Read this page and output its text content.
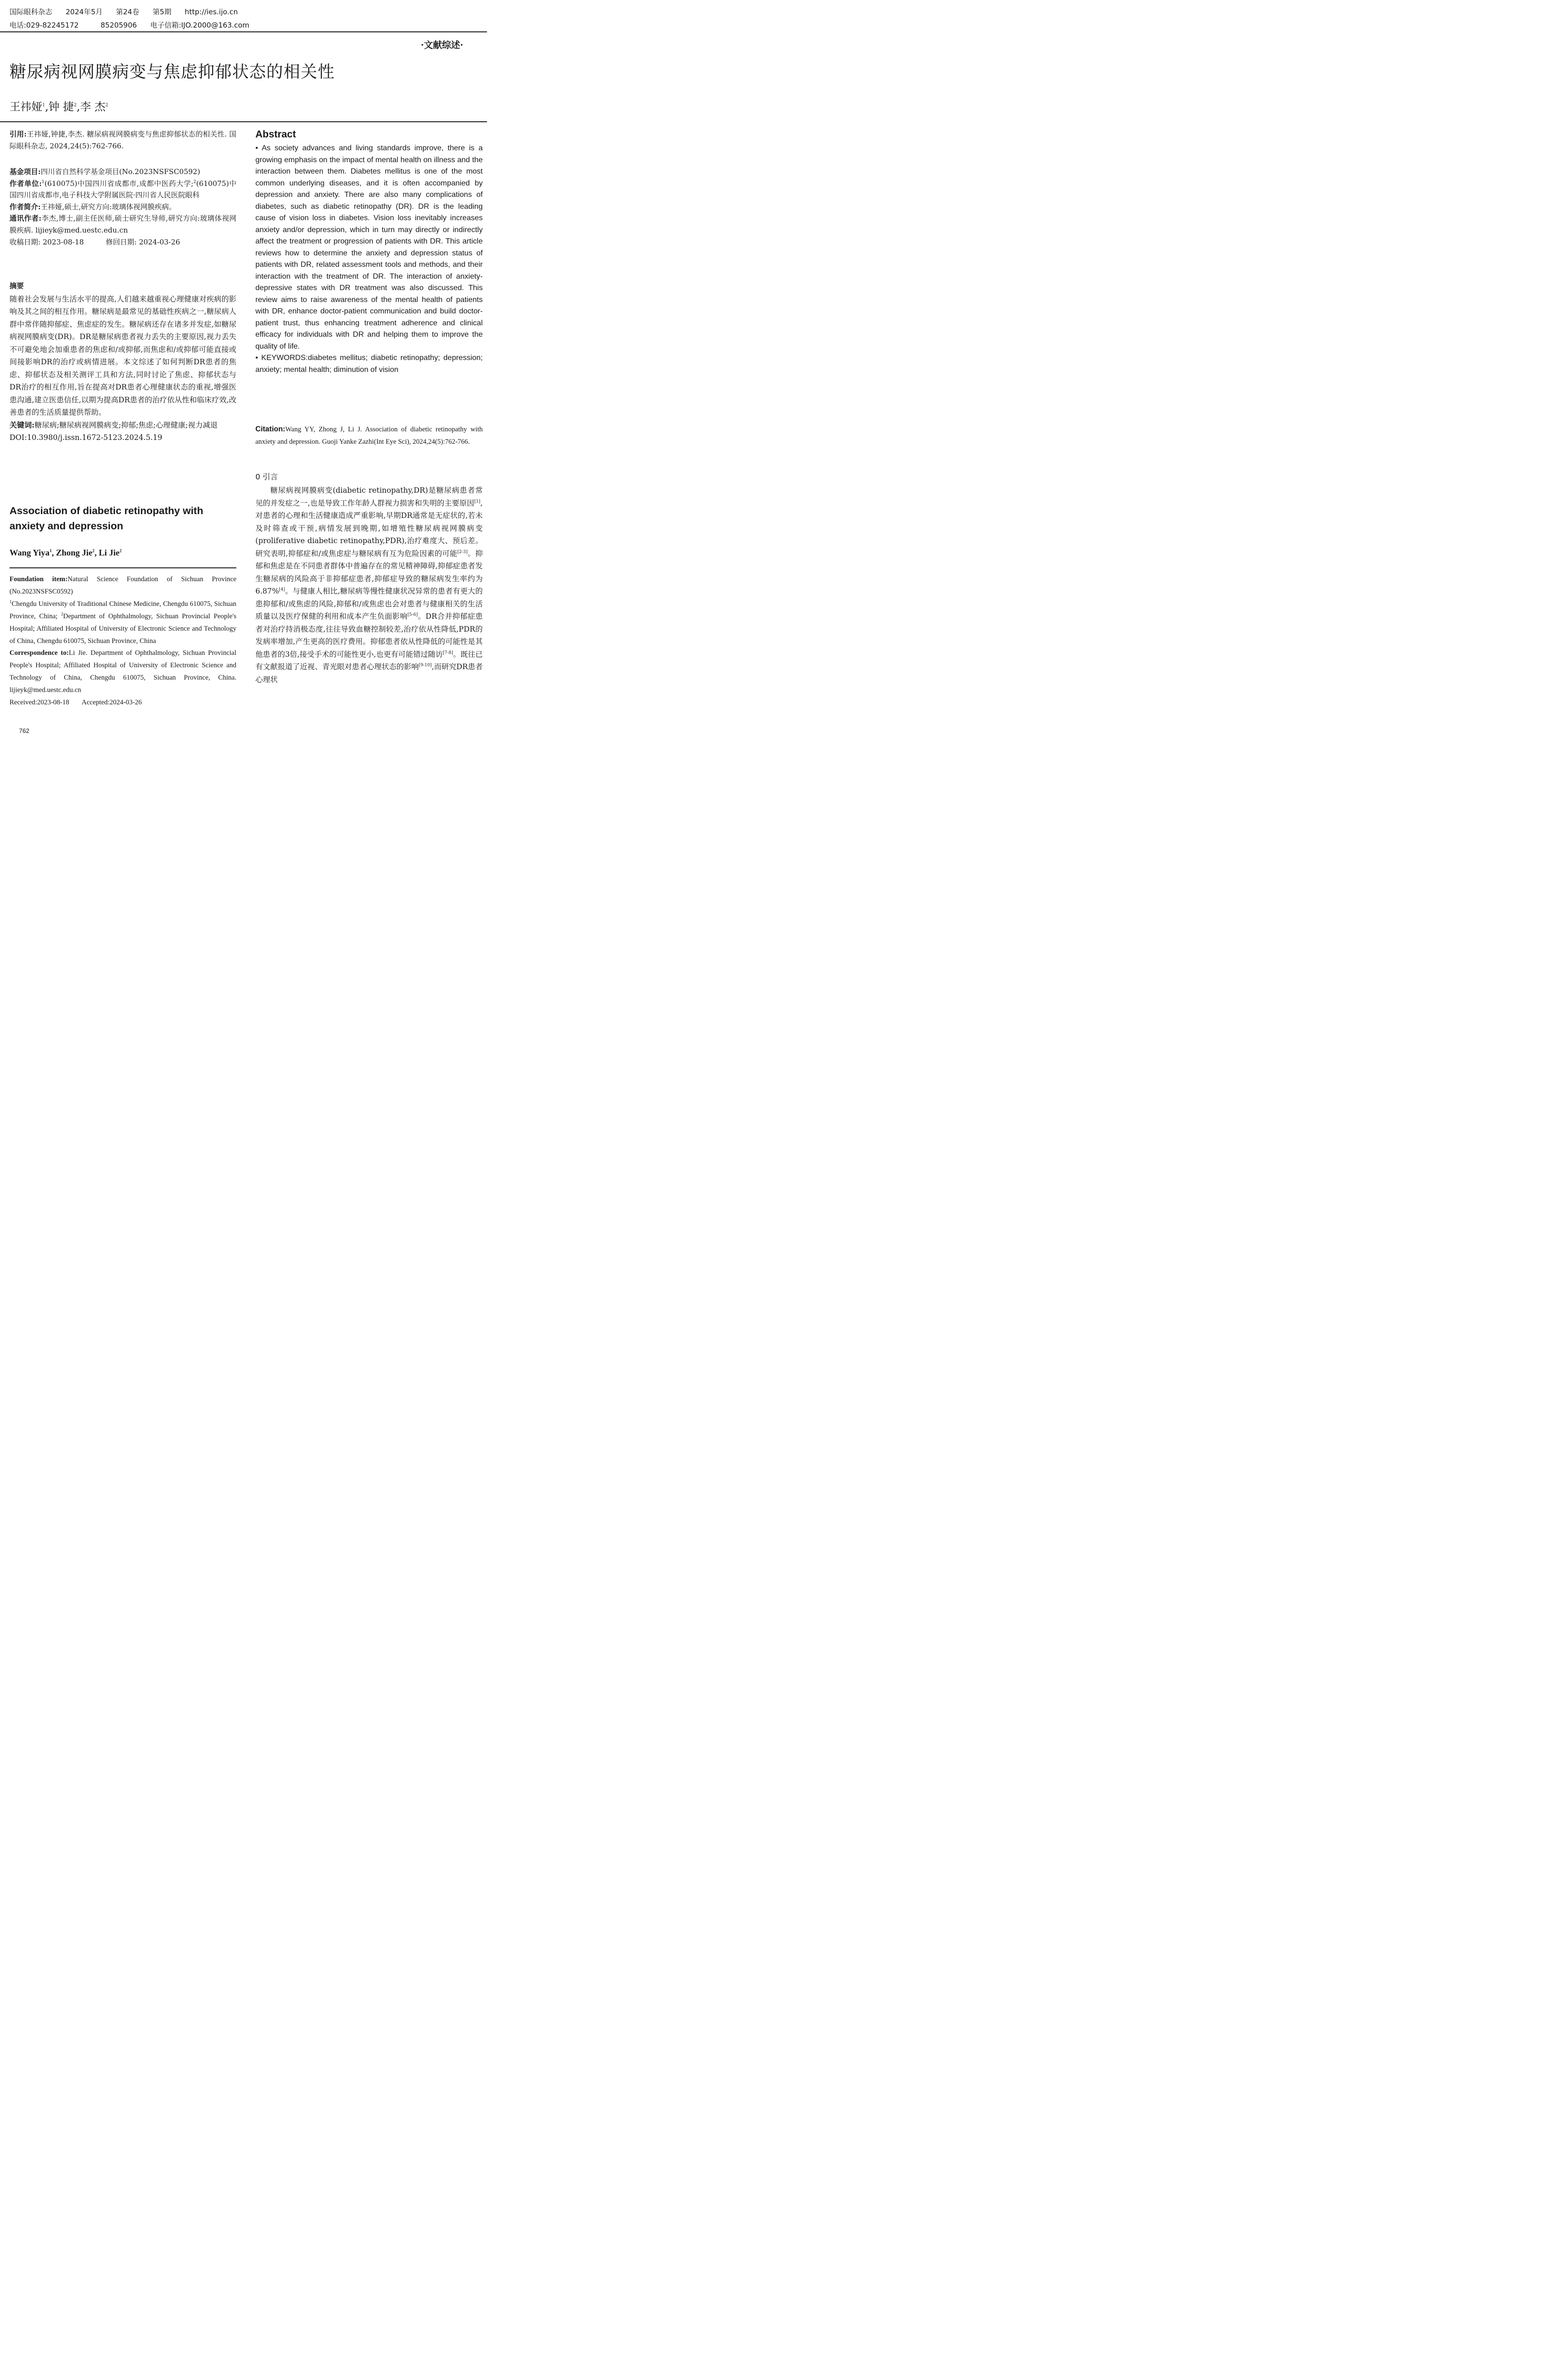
国际眼科杂志 2024年5月 第24卷 第5期 http://ies.ijo.cn
电话:029-82245172	85205906 电子信箱:IJO.2000@163.com
·文献综述·
糖尿病视网膜病变与焦虑抑郁状态的相关性
王祎娅$^1$,钟 捷$^2$,李 杰$^2$

引用:王祎娅,钟捷,李杰. 糖尿病视网膜病变与焦虑抑郁状态的相关性. 国际眼科杂志, 2024,24(5):762-766.

基金项目:四川省自然科学基金项目(No.2023NSFSC0592)

作者单位:$^1$(610075)中国四川省成都市,成都中医药大学;$^2$(610075)中国四川省成都市,电子科技大学附属医院·四川省人民医院眼科

作者简介:王祎娅,硕士,研究方向:玻璃体视网膜疾病。

通讯作者:李杰,博士,副主任医师,硕士研究生导师,研究方向:玻璃体视网膜疾病. lijieyk@med.uestc.edu.cn

收稿日期: 2023-08-18	修回日期: 2024-03-26

摘要

随着社会发展与生活水平的提高,人们越来越重视心理健康对疾病的影响及其之间的相互作用。糖尿病是最常见的基础性疾病之一,糖尿病人群中常伴随抑郁症、焦虑症的发生。糖尿病还存在诸多并发症,如糖尿病视网膜病变(DR)。DR是糖尿病患者视力丢失的主要原因,视力丢失不可避免地会加重患者的焦虑和/或抑郁,而焦虑和/或抑郁可能直接或间接影响DR的治疗或病情进展。本文综述了如何判断DR患者的焦虑、抑郁状态及相关测评工具和方法,同时讨论了焦虑、抑郁状态与DR治疗的相互作用,旨在提高对DR患者心理健康状态的重视,增强医患沟通,建立医患信任,以期为提高DR患者的治疗依从性和临床疗效,改善患者的生活质量提供帮助。

关键词:糖尿病;糖尿病视网膜病变;抑郁;焦虑;心理健康;视力减退

DOI:10.3980/j.issn.1672-5123.2024.5.19

Association of diabetic retinopathy with anxiety and depression
Wang Yiya$^1$, Zhong Jie$^2$, Li Jie$^2$

Foundation item:Natural Science Foundation of Sichuan Province (No.2023NSFSC0592)

$^1$Chengdu University of Traditional Chinese Medicine, Chengdu 610075, Sichuan Province, China; $^2$Department of Ophthalmology, Sichuan Provincial People's Hospital; Affiliated Hospital of University of Electronic Science and Technology of China, Chengdu 610075, Sichuan Province, China

Correspondence to:Li Jie. Department of Ophthalmology, Sichuan Provincial People's Hospital; Affiliated Hospital of University of Electronic Science and Technology of China, Chengdu 610075, Sichuan Province, China. lijieyk@med.uestc.edu.cn

Received:2023-08-18 Accepted:2024-03-26

762
Abstract

• As society advances and living standards improve, there is a growing emphasis on the impact of mental health on illness and the interaction between them. Diabetes mellitus is one of the most common underlying diseases, and it is often accompanied by depression and anxiety. There are also many complications of diabetes, such as diabetic retinopathy (DR). DR is the leading cause of vision loss in diabetes. Vision loss inevitably increases anxiety and/or depression, which in turn may directly or indirectly affect the treatment or progression of patients with DR. This article reviews how to determine the anxiety and depression status of patients with DR, related assessment tools and methods, and their interaction with the treatment of DR. The interaction of anxiety-depressive states with DR treatment was also discussed. This review aims to raise awareness of the mental health of patients with DR, enhance doctor-patient communication and build doctor-patient trust, thus enhancing treatment adherence and clinical efficacy for individuals with DR and helping them to improve the quality of life.

• KEYWORDS:diabetes mellitus; diabetic retinopathy; depression; anxiety; mental health; diminution of vision

Citation:Wang YY, Zhong J, Li J. Association of diabetic retinopathy with anxiety and depression. Guoji Yanke Zazhi(Int Eye Sci), 2024,24(5):762-766.

0 引言

糖尿病视网膜病变(diabetic retinopathy,DR)是糖尿病患者常见的并发症之一,也是导致工作年龄人群视力损害和失明的主要原因[1],对患者的心理和生活健康造成严重影响,早期DR通常是无症状的,若未及时筛查或干预,病情发展到晚期,如增殖性糖尿病视网膜病变(proliferative diabetic retinopathy,PDR),治疗难度大、预后差。研究表明,抑郁症和/或焦虑症与糖尿病有互为危险因素的可能[2-3]。抑郁和焦虑是在不同患者群体中普遍存在的常见精神障碍,抑郁症患者发生糖尿病的风险高于非抑郁症患者,抑郁症导致的糖尿病发生率约为6.87%[4]。与健康人相比,糖尿病等慢性健康状况异常的患者有更大的患抑郁和/或焦虑的风险,抑郁和/或焦虑也会对患者与健康相关的生活质量以及医疗保健的利用和成本产生负面影响[5-6]。DR合并抑郁症患者对治疗持消极态度,往往导致血糖控制较差,治疗依从性降低,PDR的发病率增加,产生更高的医疗费用。抑郁患者依从性降低的可能性是其他患者的3倍,接受手术的可能性更小,也更有可能错过随访[7-8]。既往已有文献报道了近视、青光眼对患者心理状态的影响[9-10],而研究DR患者心理状
